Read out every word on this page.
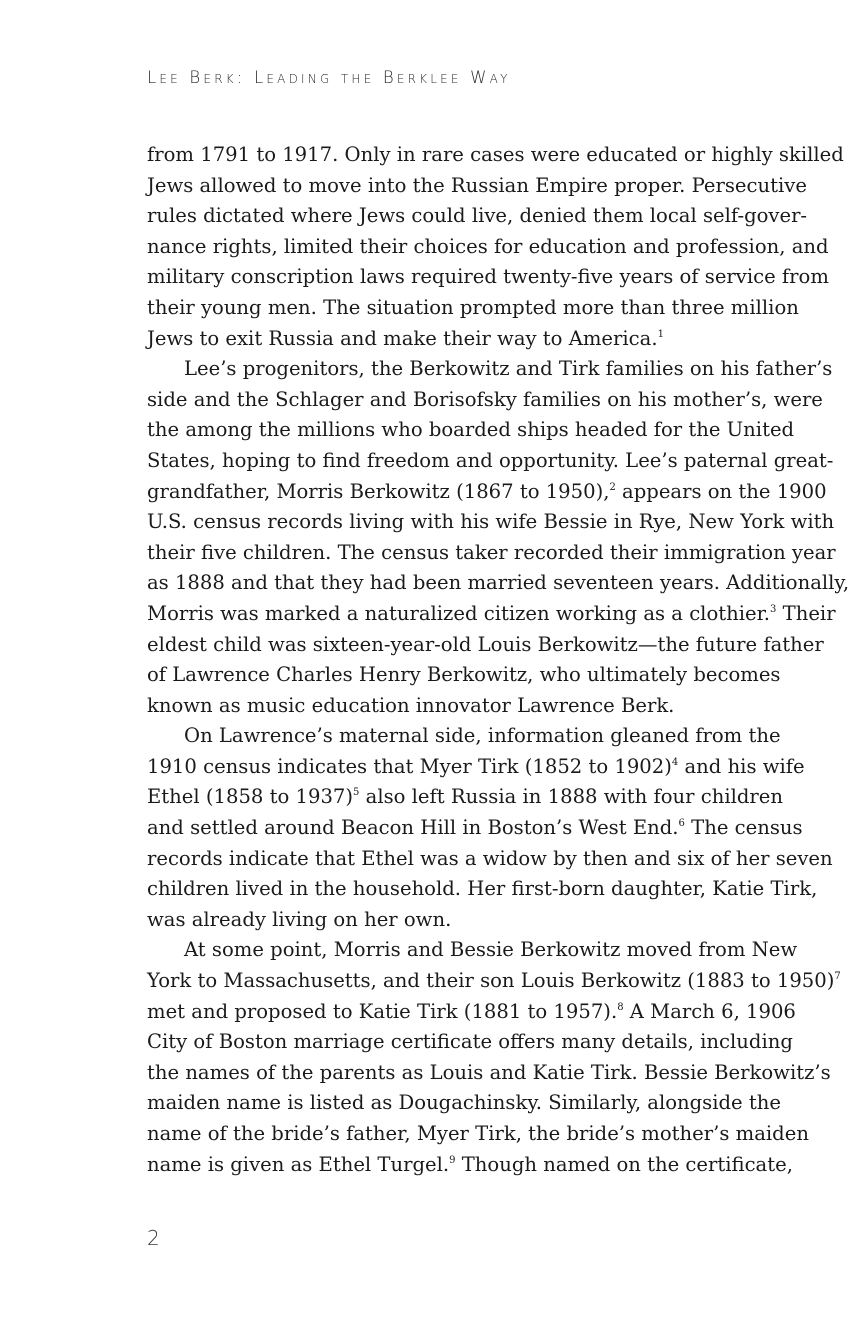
Lee Berk: Leading the Berklee Way

from 1791 to 1917. Only in rare cases were educated or highly skilled
Jews allowed to move into the Russian Empire proper. Persecutive
rules dictated where Jews could live, denied them local self-gover-
nance rights, limited their choices for education and profession, and
military conscription laws required twenty-five years of service from
their young men. The situation prompted more than three million
Jews to exit Russia and make their way to America.$^1$

Lee’s progenitors, the Berkowitz and Tirk families on his father’s
side and the Schlager and Borisofsky families on his mother’s, were
the among the millions who boarded ships headed for the United
States, hoping to find freedom and opportunity. Lee’s paternal great-
grandfather, Morris Berkowitz (1867 to 1950),$^2$ appears on the 1900
U.S. census records living with his wife Bessie in Rye, New York with
their five children. The census taker recorded their immigration year
as 1888 and that they had been married seventeen years. Additionally,
Morris was marked a naturalized citizen working as a clothier.$^3$ Their
eldest child was sixteen-year-old Louis Berkowitz—the future father
of Lawrence Charles Henry Berkowitz, who ultimately becomes
known as music education innovator Lawrence Berk.

On Lawrence’s maternal side, information gleaned from the
1910 census indicates that Myer Tirk (1852 to 1902)$^4$ and his wife
Ethel (1858 to 1937)$^5$ also left Russia in 1888 with four children
and settled around Beacon Hill in Boston’s West End.$^6$ The census
records indicate that Ethel was a widow by then and six of her seven
children lived in the household. Her first-born daughter, Katie Tirk,
was already living on her own.

At some point, Morris and Bessie Berkowitz moved from New
York to Massachusetts, and their son Louis Berkowitz (1883 to 1950)$^7$
met and proposed to Katie Tirk (1881 to 1957).$^8$ A March 6, 1906
City of Boston marriage certificate offers many details, including
the names of the parents as Louis and Katie Tirk. Bessie Berkowitz’s
maiden name is listed as Dougachinsky. Similarly, alongside the
name of the bride’s father, Myer Tirk, the bride’s mother’s maiden
name is given as Ethel Turgel.$^9$ Though named on the certificate,

2
